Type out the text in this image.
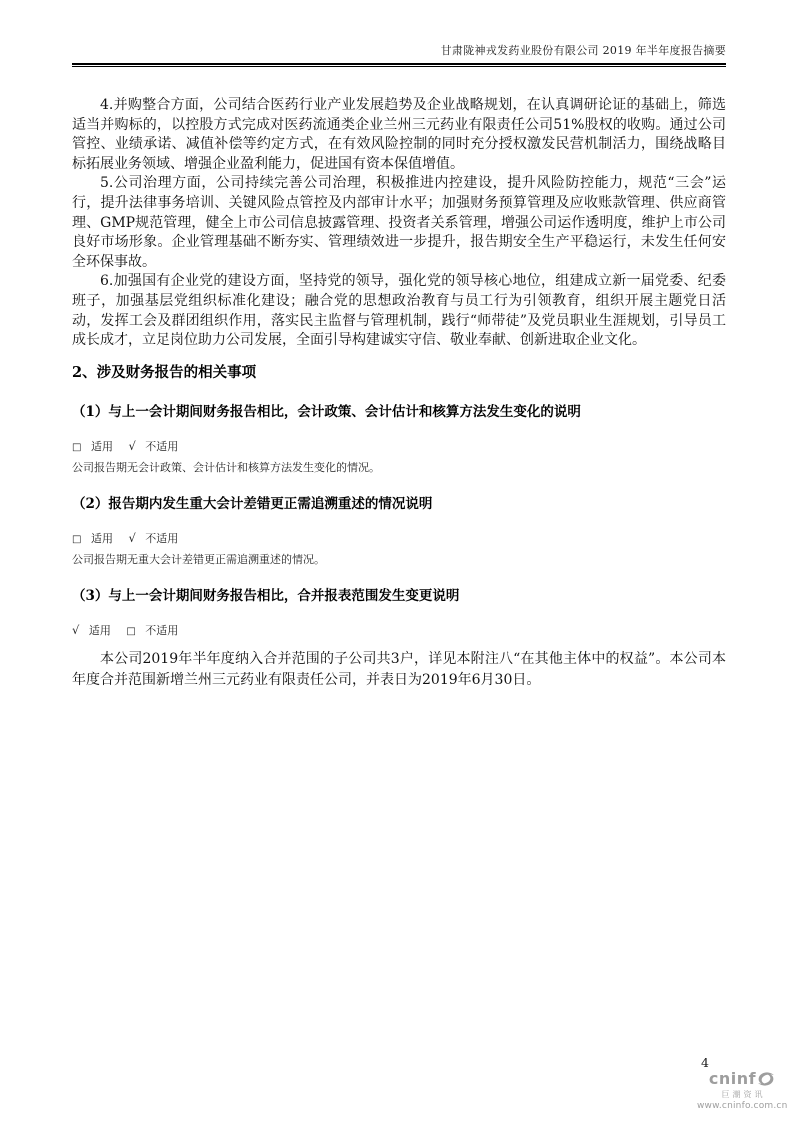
甘肃陇神戎发药业股份有限公司 2019 年半年度报告摘要

4.并购整合方面，公司结合医药行业产业发展趋势及企业战略规划，在认真调研论证的基础上，筛选适当并购标的，以控股方式完成对医药流通类企业兰州三元药业有限责任公司51%股权的收购。通过公司管控、业绩承诺、减值补偿等约定方式，在有效风险控制的同时充分授权激发民营机制活力，围绕战略目标拓展业务领域、增强企业盈利能力，促进国有资本保值增值。

5.公司治理方面，公司持续完善公司治理，积极推进内控建设，提升风险防控能力，规范“三会”运行，提升法律事务培训、关键风险点管控及内部审计水平；加强财务预算管理及应收账款管理、供应商管理、GMP规范管理，健全上市公司信息披露管理、投资者关系管理，增强公司运作透明度，维护上市公司良好市场形象。企业管理基础不断夯实、管理绩效进一步提升，报告期安全生产平稳运行，未发生任何安全环保事故。

6.加强国有企业党的建设方面，坚持党的领导，强化党的领导核心地位，组建成立新一届党委、纪委班子，加强基层党组织标准化建设；融合党的思想政治教育与员工行为引领教育，组织开展主题党日活动，发挥工会及群团组织作用，落实民主监督与管理机制，践行“师带徒”及党员职业生涯规划，引导员工成长成才，立足岗位助力公司发展，全面引导构建诚实守信、敬业奉献、创新进取企业文化。

2、涉及财务报告的相关事项
（1）与上一会计期间财务报告相比，会计政策、会计估计和核算方法发生变化的说明
□ 适用 √ 不适用

公司报告期无会计政策、会计估计和核算方法发生变化的情况。

（2）报告期内发生重大会计差错更正需追溯重述的情况说明
□ 适用 √ 不适用

公司报告期无重大会计差错更正需追溯重述的情况。

（3）与上一会计期间财务报告相比，合并报表范围发生变更说明
√ 适用 □ 不适用

本公司2019年半年度纳入合并范围的子公司共3户，详见本附注八“在其他主体中的权益”。本公司本年度合并范围新增兰州三元药业有限责任公司，并表日为2019年6月30日。

4
cninf
巨潮资讯
www.cninfo.com.cn
